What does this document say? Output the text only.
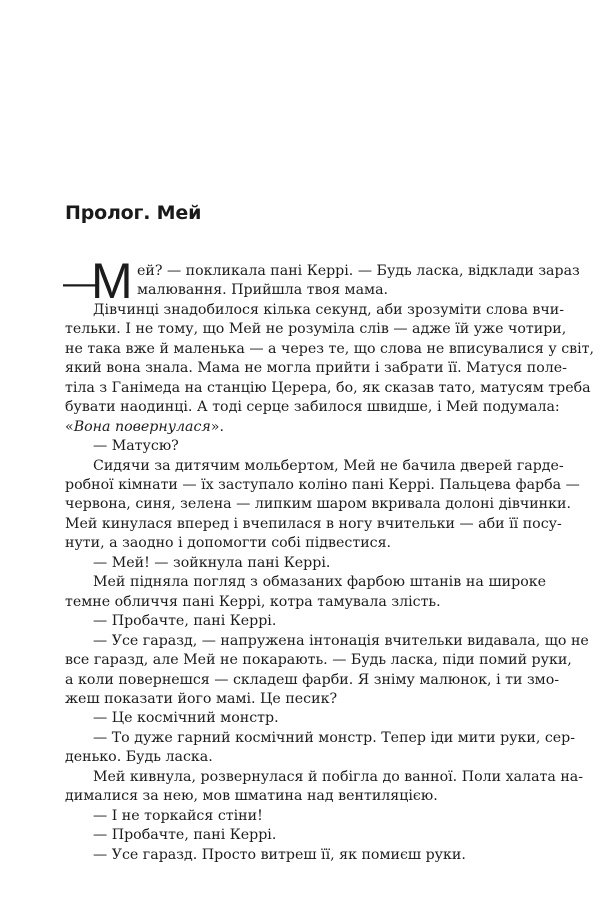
Пролог. Мей
—
М ей? — покликала пані Керрі. — Будь ласка, відклади зараз
малювання. Прийшла твоя мама.
Дівчинці знадобилося кілька секунд, аби зрозуміти слова вчи-
тельки. І не тому, що Мей не розуміла слів — адже їй уже чотири,
не така вже й маленька — а через те, що слова не вписувалися у світ,
який вона знала. Мама не могла прийти і забрати її. Матуся поле-
тіла з Ганімеда на станцію Церера, бо, як сказав тато, матусям треба
бувати наодинці. А тоді серце забилося швидше, і Мей подумала:
«Вона повернулася».
— Матусю?
Сидячи за дитячим мольбертом, Мей не бачила дверей гарде-
робної кімнати — їх заступало коліно пані Керрі. Пальцева фарба —
червона, синя, зелена — липким шаром вкривала долоні дівчинки.
Мей кинулася вперед і вчепилася в ногу вчительки — аби її посу-
нути, а заодно і допомогти собі підвестися.
— Мей! — зойкнула пані Керрі.
Мей підняла погляд з обмазаних фарбою штанів на широке
темне обличчя пані Керрі, котра тамувала злість.
— Пробачте, пані Керрі.
— Усе гаразд, — напружена інтонація вчительки видавала, що не
все гаразд, але Мей не покарають. — Будь ласка, піди помий руки,
а коли повернешся — складеш фарби. Я зніму малюнок, і ти змо-
жеш показати його мамі. Це песик?
— Це космічний монстр.
— То дуже гарний космічний монстр. Тепер іди мити руки, сер-
денько. Будь ласка.
Мей кивнула, розвернулася й побігла до ванної. Поли халата на-
дималися за нею, мов шматина над вентиляцією.
— І не торкайся стіни!
— Пробачте, пані Керрі.
— Усе гаразд. Просто витреш її, як помиєш руки.
